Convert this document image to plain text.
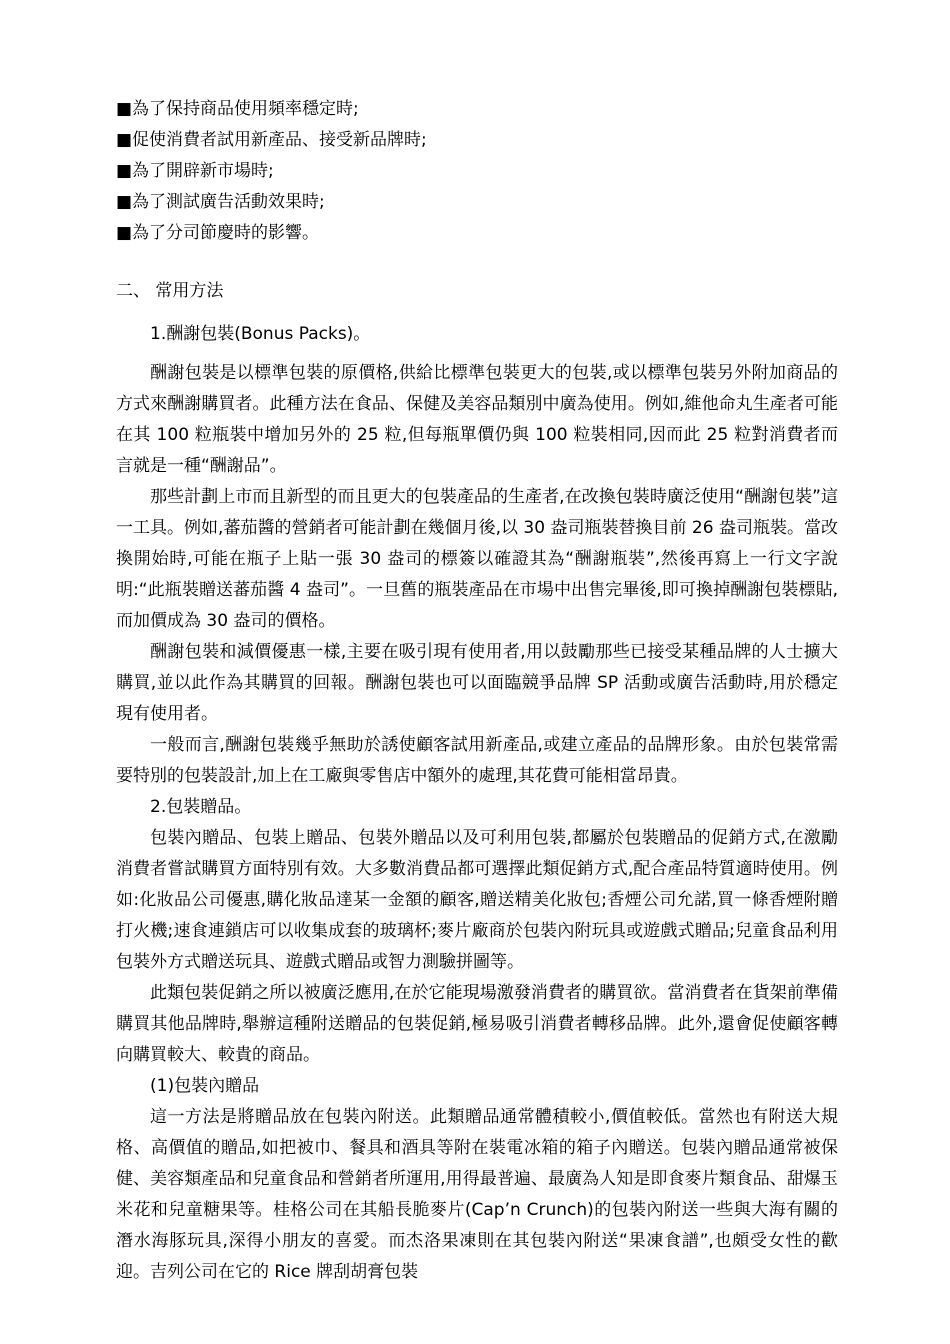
■為了保持商品使用頻率穩定時;
■促使消費者試用新產品、接受新品牌時;
■為了開辟新市場時;
■為了測試廣告活動效果時;
■為了分司節慶時的影響。
二、 常用方法
1.酬謝包裝(Bonus Packs)。

酬謝包裝是以標準包裝的原價格,供給比標準包裝更大的包裝,或以標準包裝另外附加商品的方式來酬謝購買者。此種方法在食品、保健及美容品類別中廣為使用。例如,維他命丸生產者可能在其 100 粒瓶裝中增加另外的 25 粒,但每瓶單價仍與 100 粒裝相同,因而此 25 粒對消費者而言就是一種“酬謝品”。

那些計劃上市而且新型的而且更大的包裝產品的生產者,在改換包裝時廣泛使用“酬謝包裝”這一工具。例如,蕃茄醬的營銷者可能計劃在幾個月後,以 30 盎司瓶裝替換目前 26 盎司瓶裝。當改換開始時,可能在瓶子上貼一張 30 盎司的標簽以確證其為“酬謝瓶裝”,然後再寫上一行文字說明:“此瓶裝贈送蕃茄醬 4 盎司”。一旦舊的瓶裝產品在市場中出售完畢後,即可換掉酬謝包裝標貼,而加價成為 30 盎司的價格。

酬謝包裝和減價優惠一樣,主要在吸引現有使用者,用以鼓勵那些已接受某種品牌的人士擴大購買,並以此作為其購買的回報。酬謝包裝也可以面臨競爭品牌 SP 活動或廣告活動時,用於穩定現有使用者。

一般而言,酬謝包裝幾乎無助於誘使顧客試用新產品,或建立產品的品牌形象。由於包裝常需要特別的包裝設計,加上在工廠與零售店中額外的處理,其花費可能相當昂貴。

2.包裝贈品。

包裝內贈品、包裝上贈品、包裝外贈品以及可利用包裝,都屬於包裝贈品的促銷方式,在激勵消費者嘗試購買方面特別有效。大多數消費品都可選擇此類促銷方式,配合產品特質適時使用。例如:化妝品公司優惠,購化妝品達某一金額的顧客,贈送精美化妝包;香煙公司允諾,買一條香煙附贈打火機;速食連鎖店可以收集成套的玻璃杯;麥片廠商於包裝內附玩具或遊戲式贈品;兒童食品利用包裝外方式贈送玩具、遊戲式贈品或智力測驗拼圖等。

此類包裝促銷之所以被廣泛應用,在於它能現場激發消費者的購買欲。當消費者在貨架前準備購買其他品牌時,舉辦這種附送贈品的包裝促銷,極易吸引消費者轉移品牌。此外,還會促使顧客轉向購買較大、較貴的商品。

(1)包裝內贈品

這一方法是將贈品放在包裝內附送。此類贈品通常體積較小,價值較低。當然也有附送大規格、高價值的贈品,如把被巾、餐具和酒具等附在裝電冰箱的箱子內贈送。包裝內贈品通常被保健、美容類產品和兒童食品和營銷者所運用,用得最普遍、最廣為人知是即食麥片類食品、甜爆玉米花和兒童糖果等。桂格公司在其船長脆麥片(Cap’n Crunch)的包裝內附送一些與大海有關的潛水海豚玩具,深得小朋友的喜愛。而杰洛果凍則在其包裝內附送“果凍食譜”,也頗受女性的歡迎。吉列公司在它的 Rice 牌刮胡膏包裝
